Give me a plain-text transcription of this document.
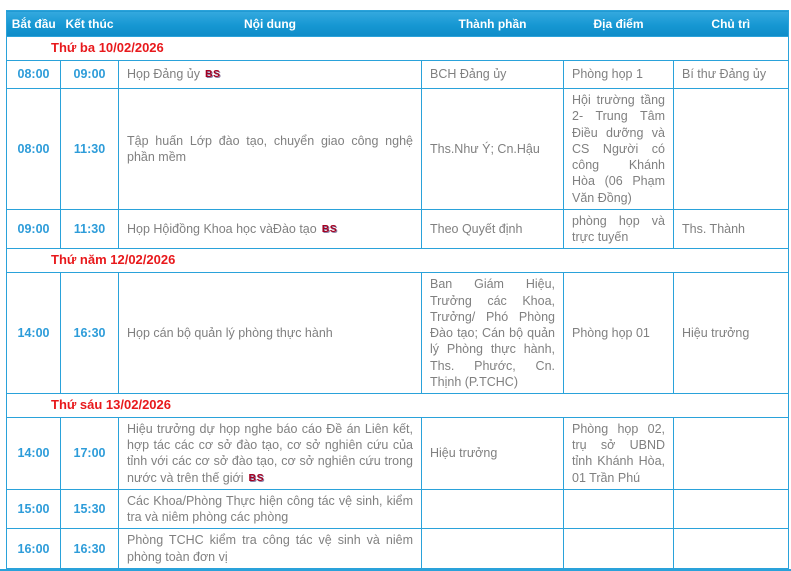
Bắt đầu	Kết thúc	Nội dung	Thành phần	Địa điểm	Chủ trì
Thứ ba 10/02/2026					
08:00	09:00	Họp Đảng ủy BS	BCH Đảng ủy	Phòng họp 1	Bí thư Đảng ủy
08:00	11:30	Tập huấn Lớp đào tạo, chuyển giao công nghệ phần mềm	Ths.Như Ý; Cn.Hậu	Hội trường tầng 2- Trung Tâm Điều dưỡng và CS Người có công Khánh Hòa (06 Phạm Văn Đồng)	
09:00	11:30	Họp Hộiđồng Khoa học vàĐào tạo BS	Theo Quyết định	phòng họp và trực tuyến	Ths. Thành
Thứ năm 12/02/2026					
14:00	16:30	Họp cán bộ quản lý phòng thực hành	Ban Giám Hiệu, Trưởng các Khoa, Trưởng/ Phó Phòng Đào tạo; Cán bộ quản lý Phòng thực hành, Ths. Phước, Cn. Thịnh (P.TCHC)	Phòng họp 01	Hiệu trưởng
Thứ sáu 13/02/2026					
14:00	17:00	Hiệu trưởng dự họp nghe báo cáo Đề án Liên kết, hợp tác các cơ sở đào tạo, cơ sở nghiên cứu của tỉnh với các cơ sở đào tạo, cơ sở nghiên cứu trong nước và trên thế giới BS	Hiệu trưởng	Phòng họp 02, trụ sở UBND tỉnh Khánh Hòa, 01 Trần Phú	
15:00	15:30	Các Khoa/Phòng Thực hiện công tác vệ sinh, kiểm tra và niêm phòng các phòng			
16:00	16:30	Phòng TCHC kiểm tra công tác vệ sinh và niêm phòng toàn đơn vị			
